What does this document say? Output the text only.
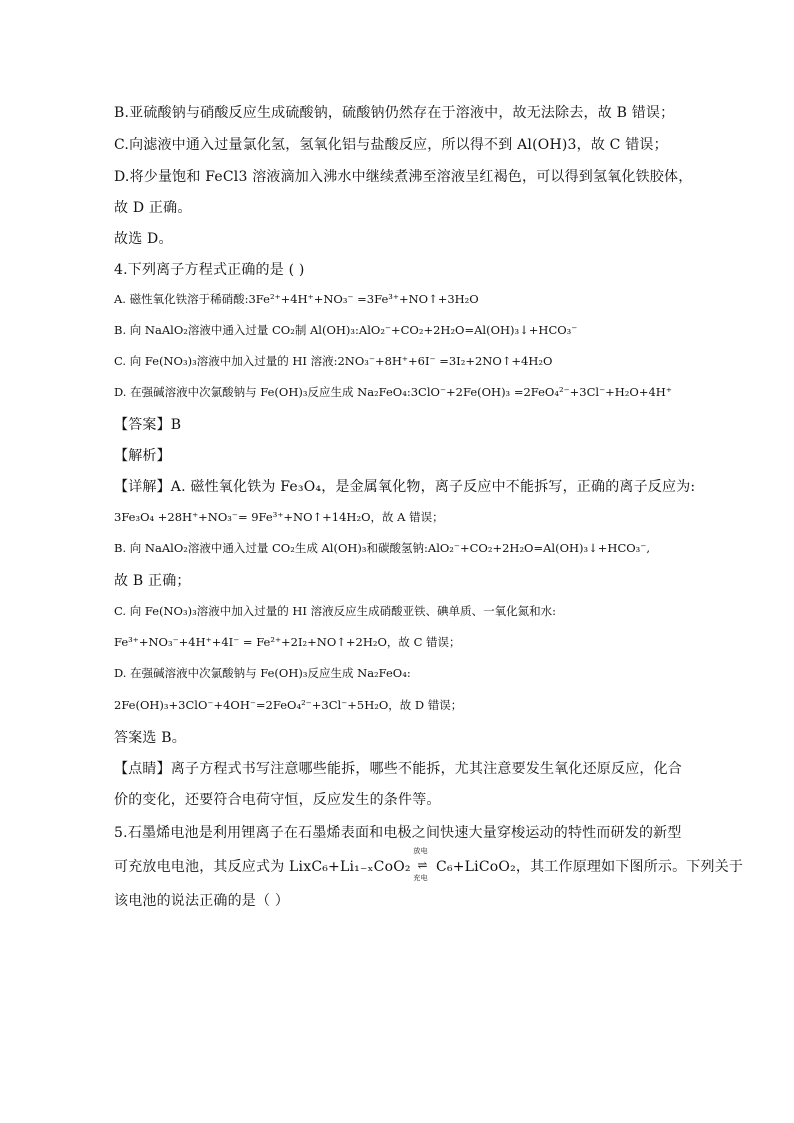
B.亚硫酸钠与硝酸反应生成硫酸钠，硫酸钠仍然存在于溶液中，故无法除去，故 B 错误；
C.向滤液中通入过量氯化氢，氢氧化铝与盐酸反应，所以得不到 Al(OH)3，故 C 错误；
D.将少量饱和 FeCl3 溶液滴加入沸水中继续煮沸至溶液呈红褐色，可以得到氢氧化铁胶体，
故 D 正确。
故选 D。
4.下列离子方程式正确的是 ( )
A. 磁性氧化铁溶于稀硝酸:3Fe²⁺+4H⁺+NO₃⁻ =3Fe³⁺+NO↑+3H₂O
B. 向 NaAlO₂溶液中通入过量 CO₂制 Al(OH)₃:AlO₂⁻+CO₂+2H₂O=Al(OH)₃↓+HCO₃⁻
C. 向 Fe(NO₃)₃溶液中加入过量的 HI 溶液:2NO₃⁻+8H⁺+6I⁻ =3I₂+2NO↑+4H₂O
D. 在强碱溶液中次氯酸钠与 Fe(OH)₃反应生成 Na₂FeO₄:3ClO⁻+2Fe(OH)₃ =2FeO₄²⁻+3Cl⁻+H₂O+4H⁺
【答案】B
【解析】
【详解】A. 磁性氧化铁为 Fe₃O₄，是金属氧化物，离子反应中不能拆写，正确的离子反应为:
3Fe₃O₄ +28H⁺+NO₃⁻= 9Fe³⁺+NO↑+14H₂O，故 A 错误；
B. 向 NaAlO₂溶液中通入过量 CO₂生成 Al(OH)₃和碳酸氢钠:AlO₂⁻+CO₂+2H₂O=Al(OH)₃↓+HCO₃⁻,
故 B 正确；
C. 向 Fe(NO₃)₃溶液中加入过量的 HI 溶液反应生成硝酸亚铁、碘单质、一氧化氮和水:
Fe³⁺+NO₃⁻+4H⁺+4I⁻ = Fe²⁺+2I₂+NO↑+2H₂O，故 C 错误；
D. 在强碱溶液中次氯酸钠与 Fe(OH)₃反应生成 Na₂FeO₄:
2Fe(OH)₃+3ClO⁻+4OH⁻=2FeO₄²⁻+3Cl⁻+5H₂O，故 D 错误；
答案选 B。
【点睛】离子方程式书写注意哪些能拆，哪些不能拆，尤其注意要发生氧化还原反应，化合
价的变化，还要符合电荷守恒，反应发生的条件等。
5.石墨烯电池是利用锂离子在石墨烯表面和电极之间快速大量穿梭运动的特性而研发的新型
可充放电电池，其反应式为 LixC₆+Li₁₋ₓCoO₂
放电
⇌
充电
C₆+LiCoO₂，其工作原理如下图所示。下列关于
该电池的说法正确的是（ ）
